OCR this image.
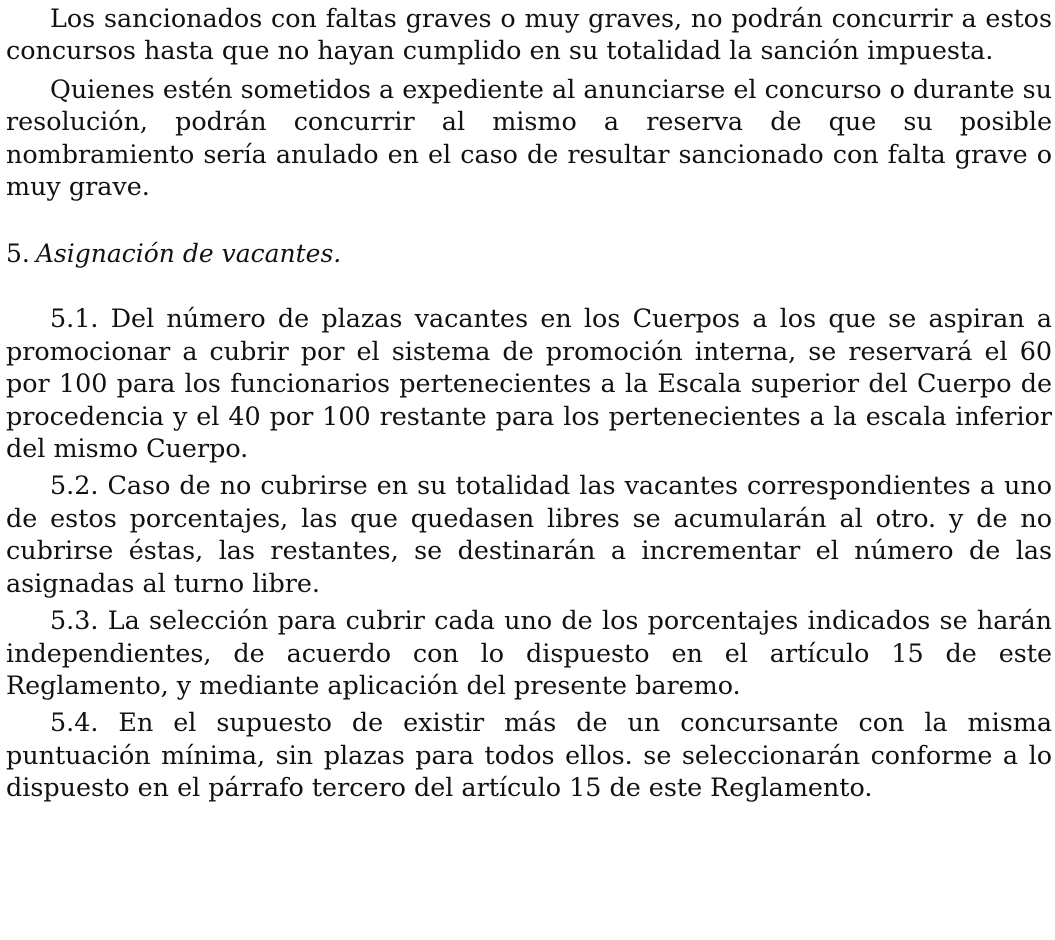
Los sancionados con faltas graves o muy graves, no podrán concurrir a estos concursos hasta que no hayan cumplido en su totalidad la sanción impuesta.

Quienes estén sometidos a expediente al anunciarse el concurso o durante su resolución, podrán concurrir al mismo a reserva de que su posible nombramiento sería anulado en el caso de resultar sancionado con falta grave o muy grave.

5. Asignación de vacantes.

5.1. Del número de plazas vacantes en los Cuerpos a los que se aspiran a promocionar a cubrir por el sistema de promoción interna, se reservará el 60 por 100 para los funcionarios pertenecientes a la Escala superior del Cuerpo de procedencia y el 40 por 100 restante para los pertenecientes a la escala inferior del mismo Cuerpo.

5.2. Caso de no cubrirse en su totalidad las vacantes correspondientes a uno de estos porcentajes, las que quedasen libres se acumularán al otro. y de no cubrirse éstas, las restantes, se destinarán a incrementar el número de las asignadas al turno libre.

5.3. La selección para cubrir cada uno de los porcentajes indicados se harán independientes, de acuerdo con lo dispuesto en el artículo 15 de este Reglamento, y mediante aplicación del presente baremo.

5.4. En el supuesto de existir más de un concursante con la misma puntuación mínima, sin plazas para todos ellos. se seleccionarán conforme a lo dispuesto en el párrafo tercero del artículo 15 de este Reglamento.
